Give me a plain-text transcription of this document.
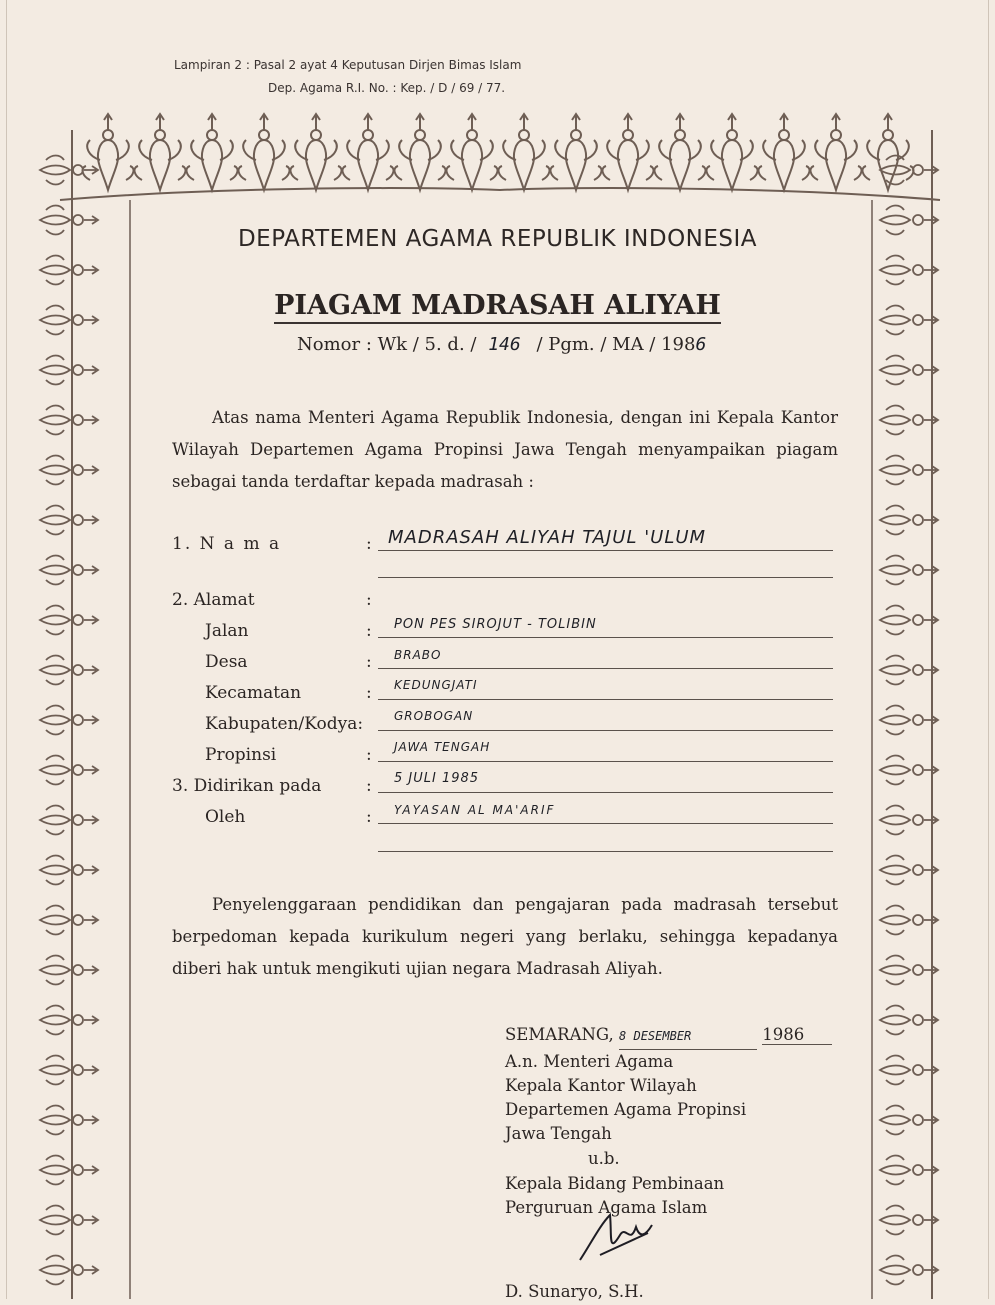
Lampiran 2 : Pasal 2 ayat 4 Keputusan Dirjen Bimas Islam
Dep. Agama R.I. No. : Kep. / D / 69 / 77.
DEPARTEMEN AGAMA REPUBLIK INDONESIA
PIAGAM MADRASAH ALIYAH
Nomor : Wk / 5. d. / 146 / Pgm. / MA / 1986
Atas nama Menteri Agama Republik Indonesia, dengan ini Kepala Kantor Wilayah Departemen Agama Propinsi Jawa Tengah menyampaikan piagam sebagai tanda terdaftar kepada madrasah :
1. N a m a	: MADRASAH ALIYAH TAJUL 'ULUM
2. Alamat	:
Jalan	: PON PES SIROJUT - TOLIBIN
Desa	: BRABO
Kecamatan	: KEDUNGJATI
Kabupaten/Kodya:	GROBOGAN
Propinsi	: JAWA TENGAH
3. Didirikan pada	: 5 JULI 1985
Oleh	: YAYASAN AL MA'ARIF
Penyelenggaraan pendidikan dan pengajaran pada madrasah tersebut berpedoman kepada kurikulum negeri yang berlaku, sehingga kepadanya diberi hak untuk mengikuti ujian negara Madrasah Aliyah.
SEMARANG, 8 DESEMBER	1986
A.n. Menteri Agama
Kepala Kantor Wilayah
Departemen Agama Propinsi
Jawa Tengah
u.b.
Kepala Bidang Pembinaan
Perguruan Agama Islam
D. Sunaryo, S.H.
